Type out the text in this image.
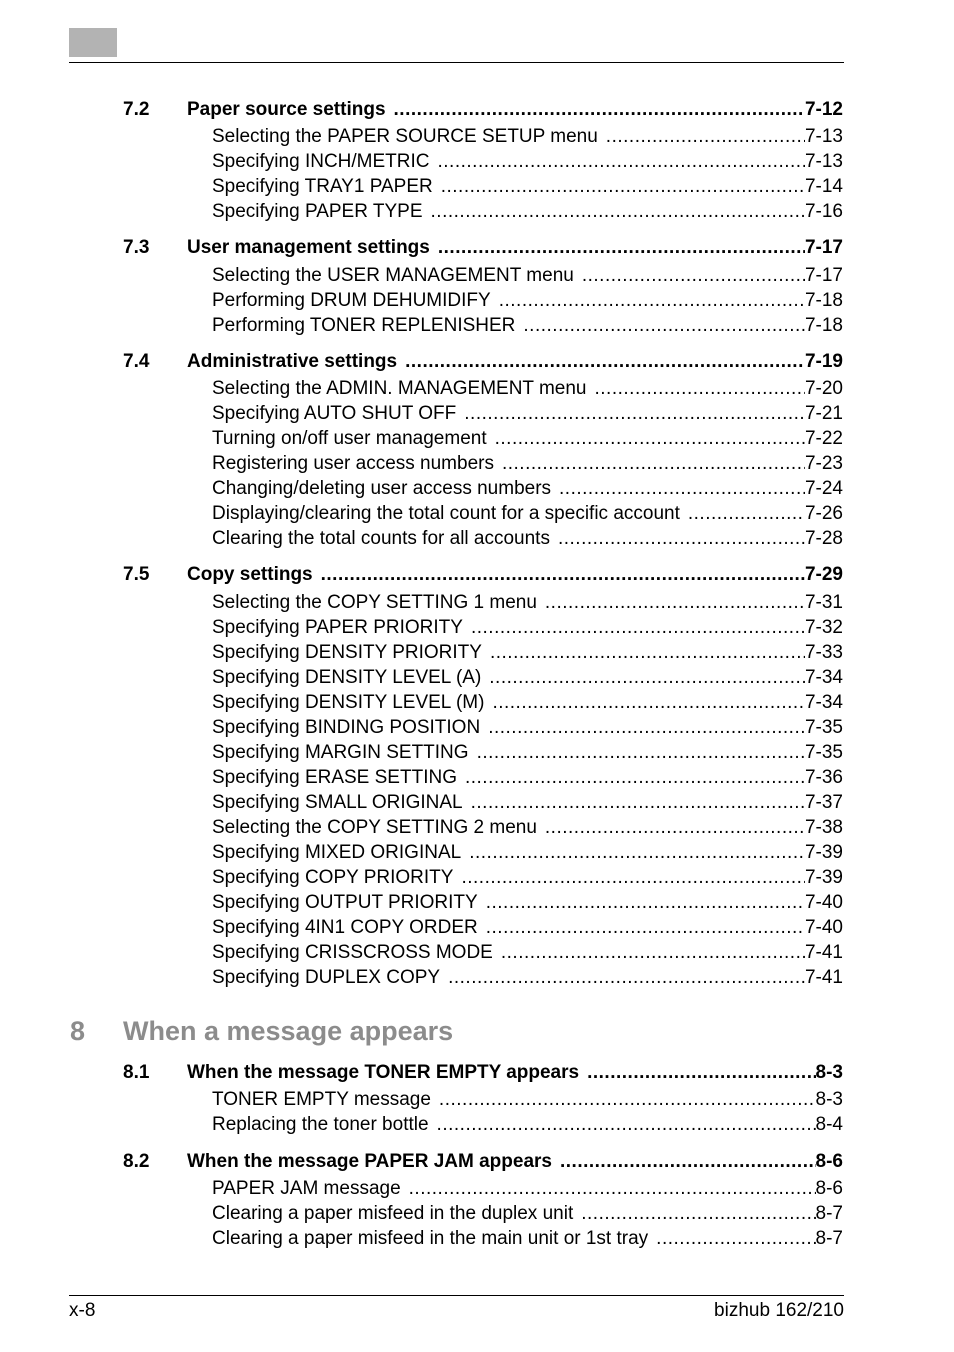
7.2 Paper source settings .....	7-12
Selecting the PAPER SOURCE SETUP menu .....	7-13
Specifying INCH/METRIC .....	7-13
Specifying TRAY1 PAPER .....	7-14
Specifying PAPER TYPE .....	7-16
7.3 User management settings .....	7-17
Selecting the USER MANAGEMENT menu .....	7-17
Performing DRUM DEHUMIDIFY .....	7-18
Performing TONER REPLENISHER .....	7-18
7.4 Administrative settings .....	7-19
Selecting the ADMIN. MANAGEMENT menu .....	7-20
Specifying AUTO SHUT OFF .....	7-21
Turning on/off user management .....	7-22
Registering user access numbers .....	7-23
Changing/deleting user access numbers .....	7-24
Displaying/clearing the total count for a specific account .....	7-26
Clearing the total counts for all accounts .....	7-28
7.5 Copy settings .....	7-29
Selecting the COPY SETTING 1 menu .....	7-31
Specifying PAPER PRIORITY .....	7-32
Specifying DENSITY PRIORITY .....	7-33
Specifying DENSITY LEVEL (A) .....	7-34
Specifying DENSITY LEVEL (M) .....	7-34
Specifying BINDING POSITION .....	7-35
Specifying MARGIN SETTING .....	7-35
Specifying ERASE SETTING .....	7-36
Specifying SMALL ORIGINAL .....	7-37
Selecting the COPY SETTING 2 menu .....	7-38
Specifying MIXED ORIGINAL .....	7-39
Specifying COPY PRIORITY .....	7-39
Specifying OUTPUT PRIORITY .....	7-40
Specifying 4IN1 COPY ORDER .....	7-40
Specifying CRISSCROSS MODE .....	7-41
Specifying DUPLEX COPY .....	7-41
8.1 When the message TONER EMPTY appears .....	8-3
TONER EMPTY message .....	8-3
Replacing the toner bottle .....	8-4
8.2 When the message PAPER JAM appears .....	8-6
PAPER JAM message .....	8-6
Clearing a paper misfeed in the duplex unit .....	8-7
Clearing a paper misfeed in the main unit or 1st tray .....	8-7
8 When a message appears
x-8	bizhub 162/210
